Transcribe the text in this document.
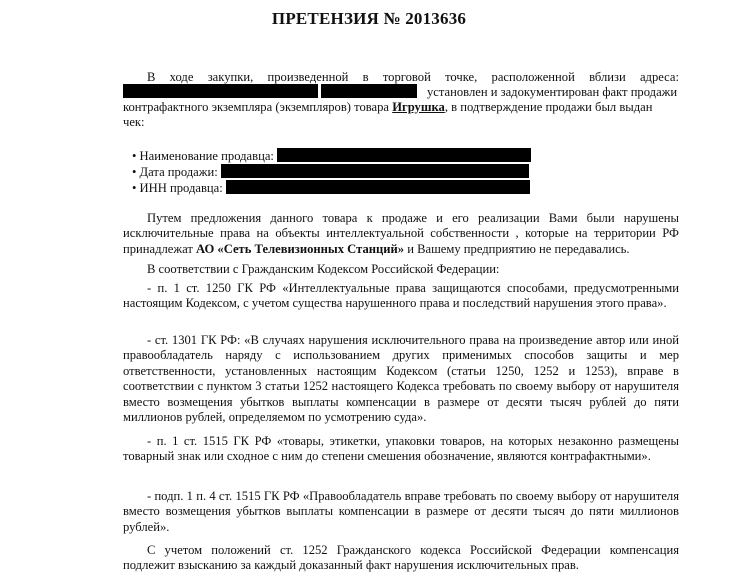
ПРЕТЕНЗИЯ № 2013636
В ходе закупки, произведенной в торговой точке, расположенной вблизи адреса:
установлен и задокументирован факт продажи
контрафактного экземпляра (экземпляров) товара Игрушка, в подтверждение продажи был выдан
чек:
• Наименование продавца:
• Дата продажи:
• ИНН продавца:
Путем предложения данного товара к продаже и его реализации Вами были нарушены исключительные права на объекты интеллектуальной собственности , которые на территории РФ принадлежат АО «Сеть Телевизионных Станций» и Вашему предприятию не передавались.
В соответствии с Гражданским Кодексом Российской Федерации:
- п. 1 ст. 1250 ГК РФ «Интеллектуальные права защищаются способами, предусмотренными настоящим Кодексом, с учетом существа нарушенного права и последствий нарушения этого права».
- ст. 1301 ГК РФ: «В случаях нарушения исключительного права на произведение автор или иной правообладатель наряду с использованием других применимых способов защиты и мер ответственности, установленных настоящим Кодексом (статьи 1250, 1252 и 1253), вправе в соответствии с пунктом 3 статьи 1252 настоящего Кодекса требовать по своему выбору от нарушителя вместо возмещения убытков выплаты компенсации в размере от десяти тысяч рублей до пяти миллионов рублей, определяемом по усмотрению суда».
- п. 1 ст. 1515 ГК РФ «товары, этикетки, упаковки товаров, на которых незаконно размещены товарный знак или сходное с ним до степени смешения обозначение, являются контрафактными».
- подп. 1 п. 4 ст. 1515 ГК РФ «Правообладатель вправе требовать по своему выбору от нарушителя вместо возмещения убытков выплаты компенсации в размере от десяти тысяч до пяти миллионов рублей».
С учетом положений ст. 1252 Гражданского кодекса Российской Федерации компенсация подлежит взысканию за каждый доказанный факт нарушения исключительных прав.
